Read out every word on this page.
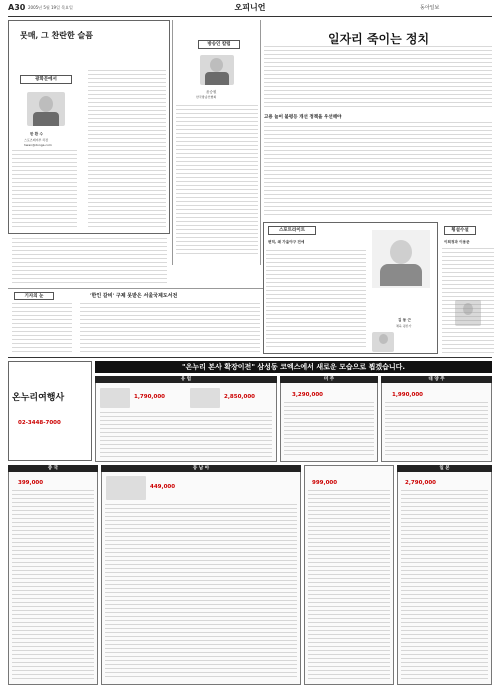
A30 2005년 5월 19일 목요일	오피니언	동아일보
뭇매, 그 찬란한 슬픔
광화문에서
한 환 수
스포츠레저부 차장
hwan@donga.com
방송인 칼럼
윤승원
한국방송인협회
일자리 죽이는 정치
고용 늘어 불평등 개선 정책을 우선해야
스포트라이트
변덕, 왜 가을야구 전에
김 동 근
체육 평론가
횡설수설
이희정과 이용준
기자의 눈	'한인 갈비' 구제 못받은 서울국제도서전
"온누리 본사 확장이전" 삼성동 코엑스에서 새로운 모습으로 뵙겠습니다.
온누리여행사
02-3448-7000
유 럽
1,790,000	2,850,000
미 주
3,290,000
대 양 주
1,990,000
중 국
399,000
동 남 아
449,000
999,000
일 본
2,790,000
